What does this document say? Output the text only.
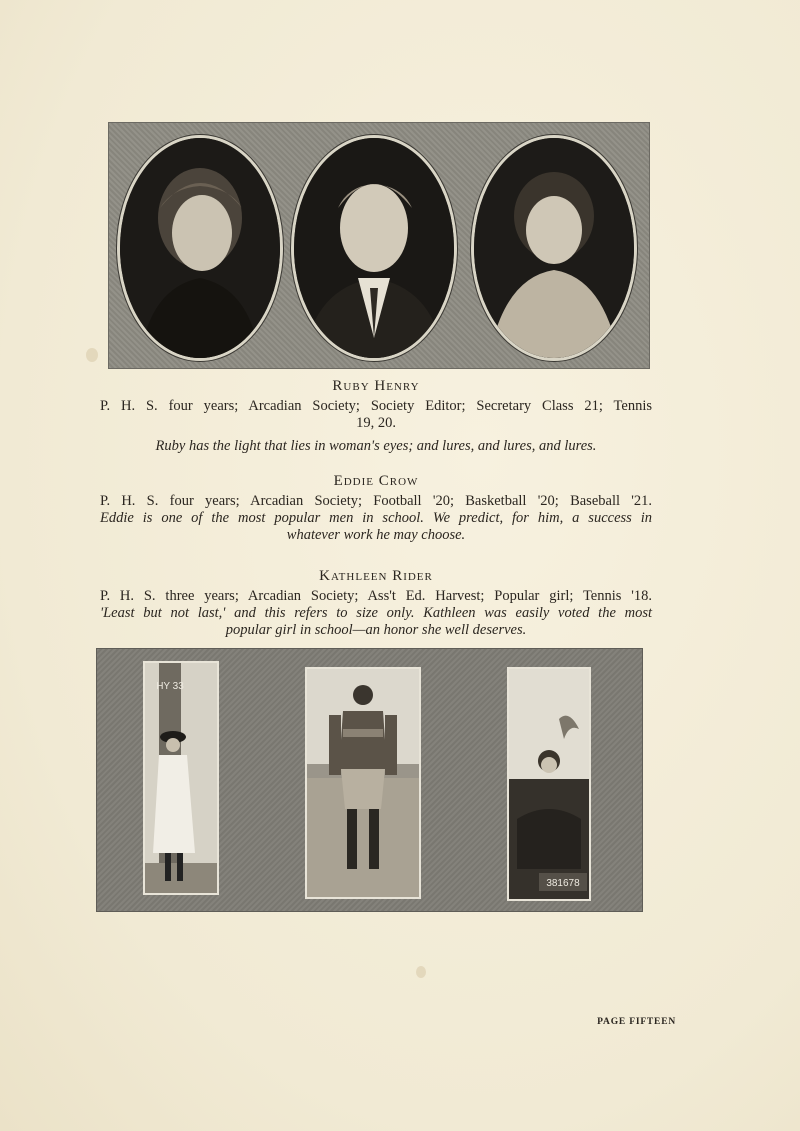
Ruby Henry

P. H. S. four years; Arcadian Society; Society Editor; Secretary Class 21; Tennis

19, 20.

Ruby has the light that lies in woman's eyes; and lures, and lures, and lures.

Eddie Crow

P. H. S. four years; Arcadian Society; Football '20; Basketball '20; Baseball '21.

Eddie is one of the most popular men in school. We predict, for him, a success in

whatever work he may choose.

Kathleen Rider

P. H. S. three years; Arcadian Society; Ass't Ed. Harvest; Popular girl; Tennis '18.

'Least but not last,' and this refers to size only. Kathleen was easily voted the most

popular girl in school—an honor she well deserves.

HY 33
381678
PAGE FIFTEEN
